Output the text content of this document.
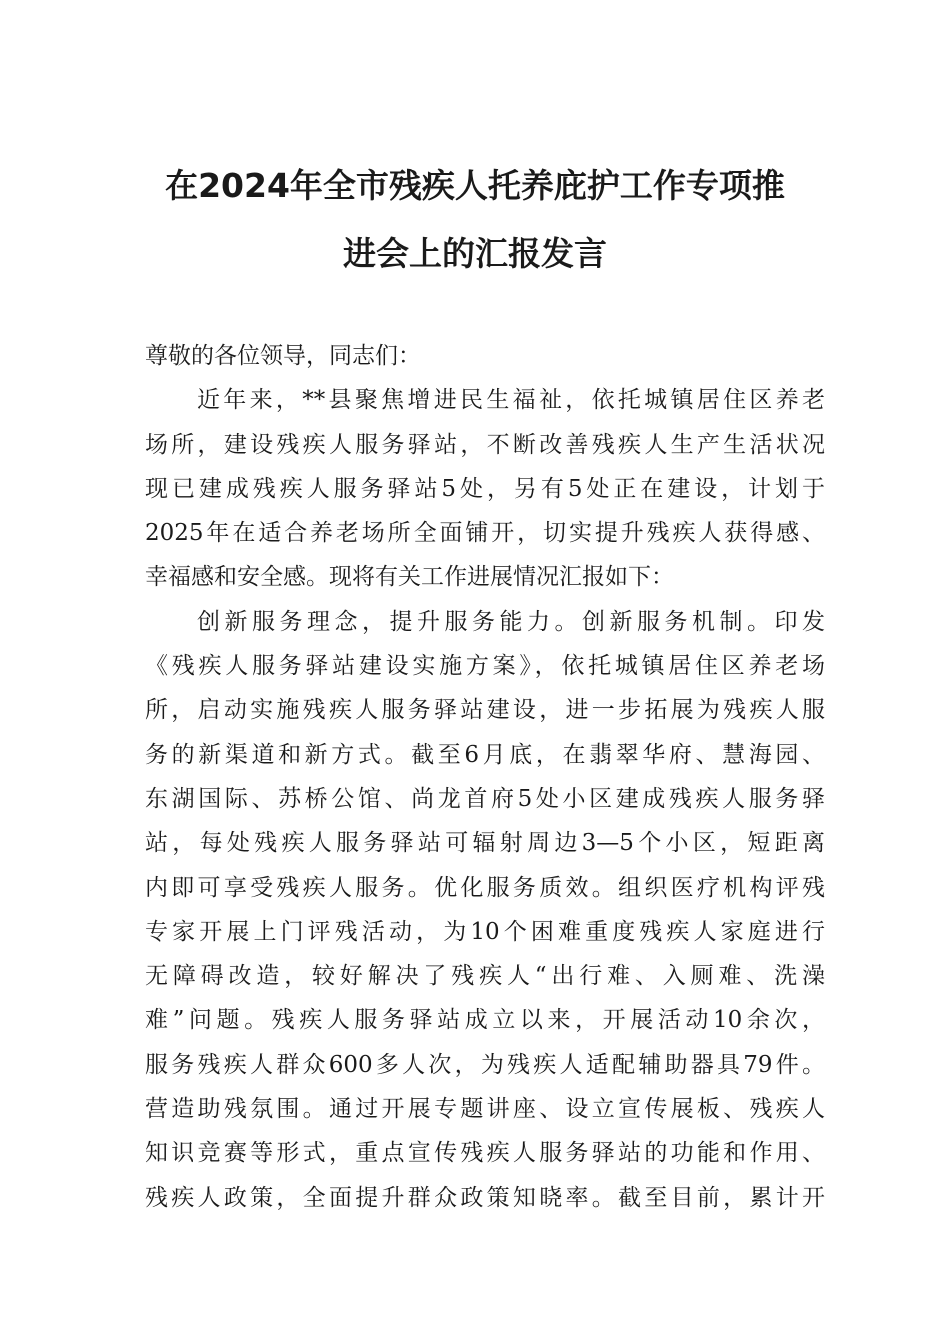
在2024年全市残疾人托养庇护工作专项推
进会上的汇报发言
尊敬的各位领导，同志们：
近年来，**县聚焦增进民生福祉，依托城镇居住区养老
场所，建设残疾人服务驿站，不断改善残疾人生产生活状况
现已建成残疾人服务驿站5处，另有5处正在建设，计划于
2025年在适合养老场所全面铺开，切实提升残疾人获得感、
幸福感和安全感。现将有关工作进展情况汇报如下：
创新服务理念，提升服务能力。创新服务机制。印发
《残疾人服务驿站建设实施方案》，依托城镇居住区养老场
所，启动实施残疾人服务驿站建设，进一步拓展为残疾人服
务的新渠道和新方式。截至6月底，在翡翠华府、慧海园、
东湖国际、苏桥公馆、尚龙首府5处小区建成残疾人服务驿
站，每处残疾人服务驿站可辐射周边3—5个小区，短距离
内即可享受残疾人服务。优化服务质效。组织医疗机构评残
专家开展上门评残活动，为10个困难重度残疾人家庭进行
无障碍改造，较好解决了残疾人“出行难、入厕难、洗澡
难”问题。残疾人服务驿站成立以来，开展活动10余次，
服务残疾人群众600多人次，为残疾人适配辅助器具79件。
营造助残氛围。通过开展专题讲座、设立宣传展板、残疾人
知识竞赛等形式，重点宣传残疾人服务驿站的功能和作用、
残疾人政策，全面提升群众政策知晓率。截至目前，累计开
